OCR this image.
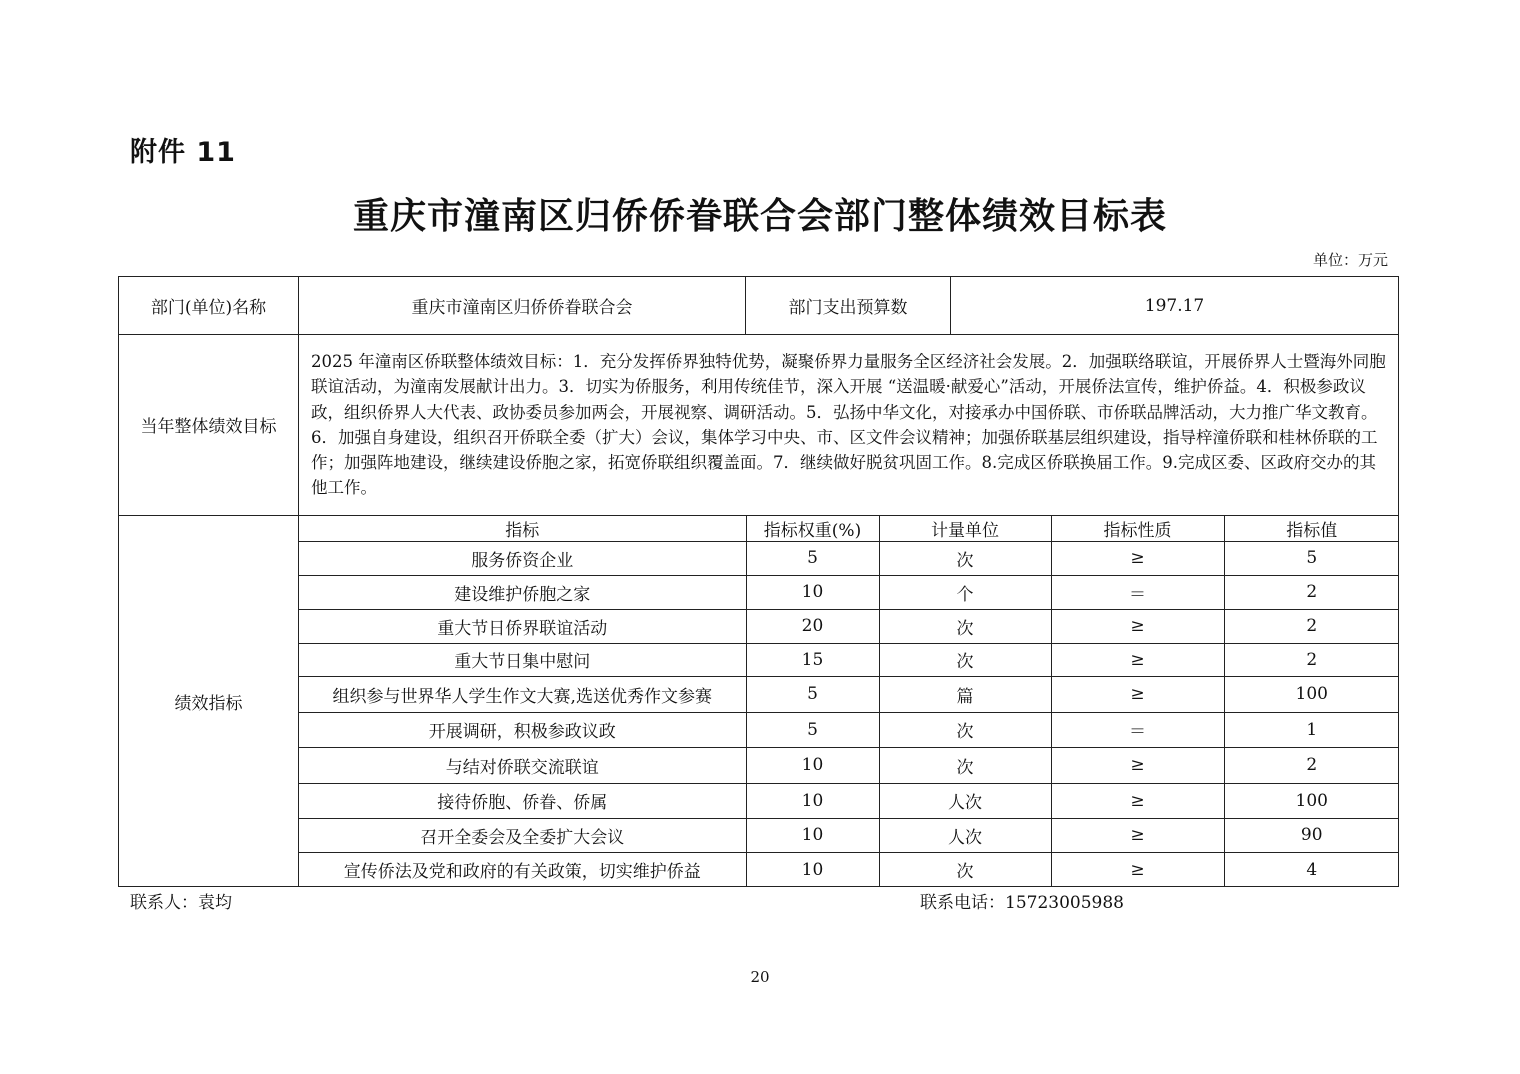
附件 11
重庆市潼南区归侨侨眷联合会部门整体绩效目标表
单位：万元
部门(单位)名称	重庆市潼南区归侨侨眷联合会	部门支出预算数	197.17
当年整体绩效目标	2025 年潼南区侨联整体绩效目标：1．充分发挥侨界独特优势，凝聚侨界力量服务全区经济社会发展。2．加强联络联谊，开展侨界人士暨海外同胞联谊活动，为潼南发展献计出力。3．切实为侨服务，利用传统佳节，深入开展 “送温暖·献爱心”活动，开展侨法宣传，维护侨益。4．积极参政议政，组织侨界人大代表、政协委员参加两会，开展视察、调研活动。5．弘扬中华文化，对接承办中国侨联、市侨联品牌活动，大力推广华文教育。6．加强自身建设，组织召开侨联全委（扩大）会议，集体学习中央、市、区文件会议精神；加强侨联基层组织建设，指导梓潼侨联和桂林侨联的工作；加强阵地建设，继续建设侨胞之家，拓宽侨联组织覆盖面。7．继续做好脱贫巩固工作。8.完成区侨联换届工作。9.完成区委、区政府交办的其他工作。
绩效指标	
指标	指标权重(%)	计量单位	指标性质	指标值
服务侨资企业	5	次	≥	5
建设维护侨胞之家	10	个	＝	2
重大节日侨界联谊活动	20	次	≥	2
重大节日集中慰问	15	次	≥	2
组织参与世界华人学生作文大赛,选送优秀作文参赛	5	篇	≥	100
开展调研，积极参政议政	5	次	＝	1
与结对侨联交流联谊	10	次	≥	2
接待侨胞、侨眷、侨属	10	人次	≥	100
召开全委会及全委扩大会议	10	人次	≥	90
宣传侨法及党和政府的有关政策，切实维护侨益	10	次	≥	4
联系人：袁均	联系电话：15723005988
20
